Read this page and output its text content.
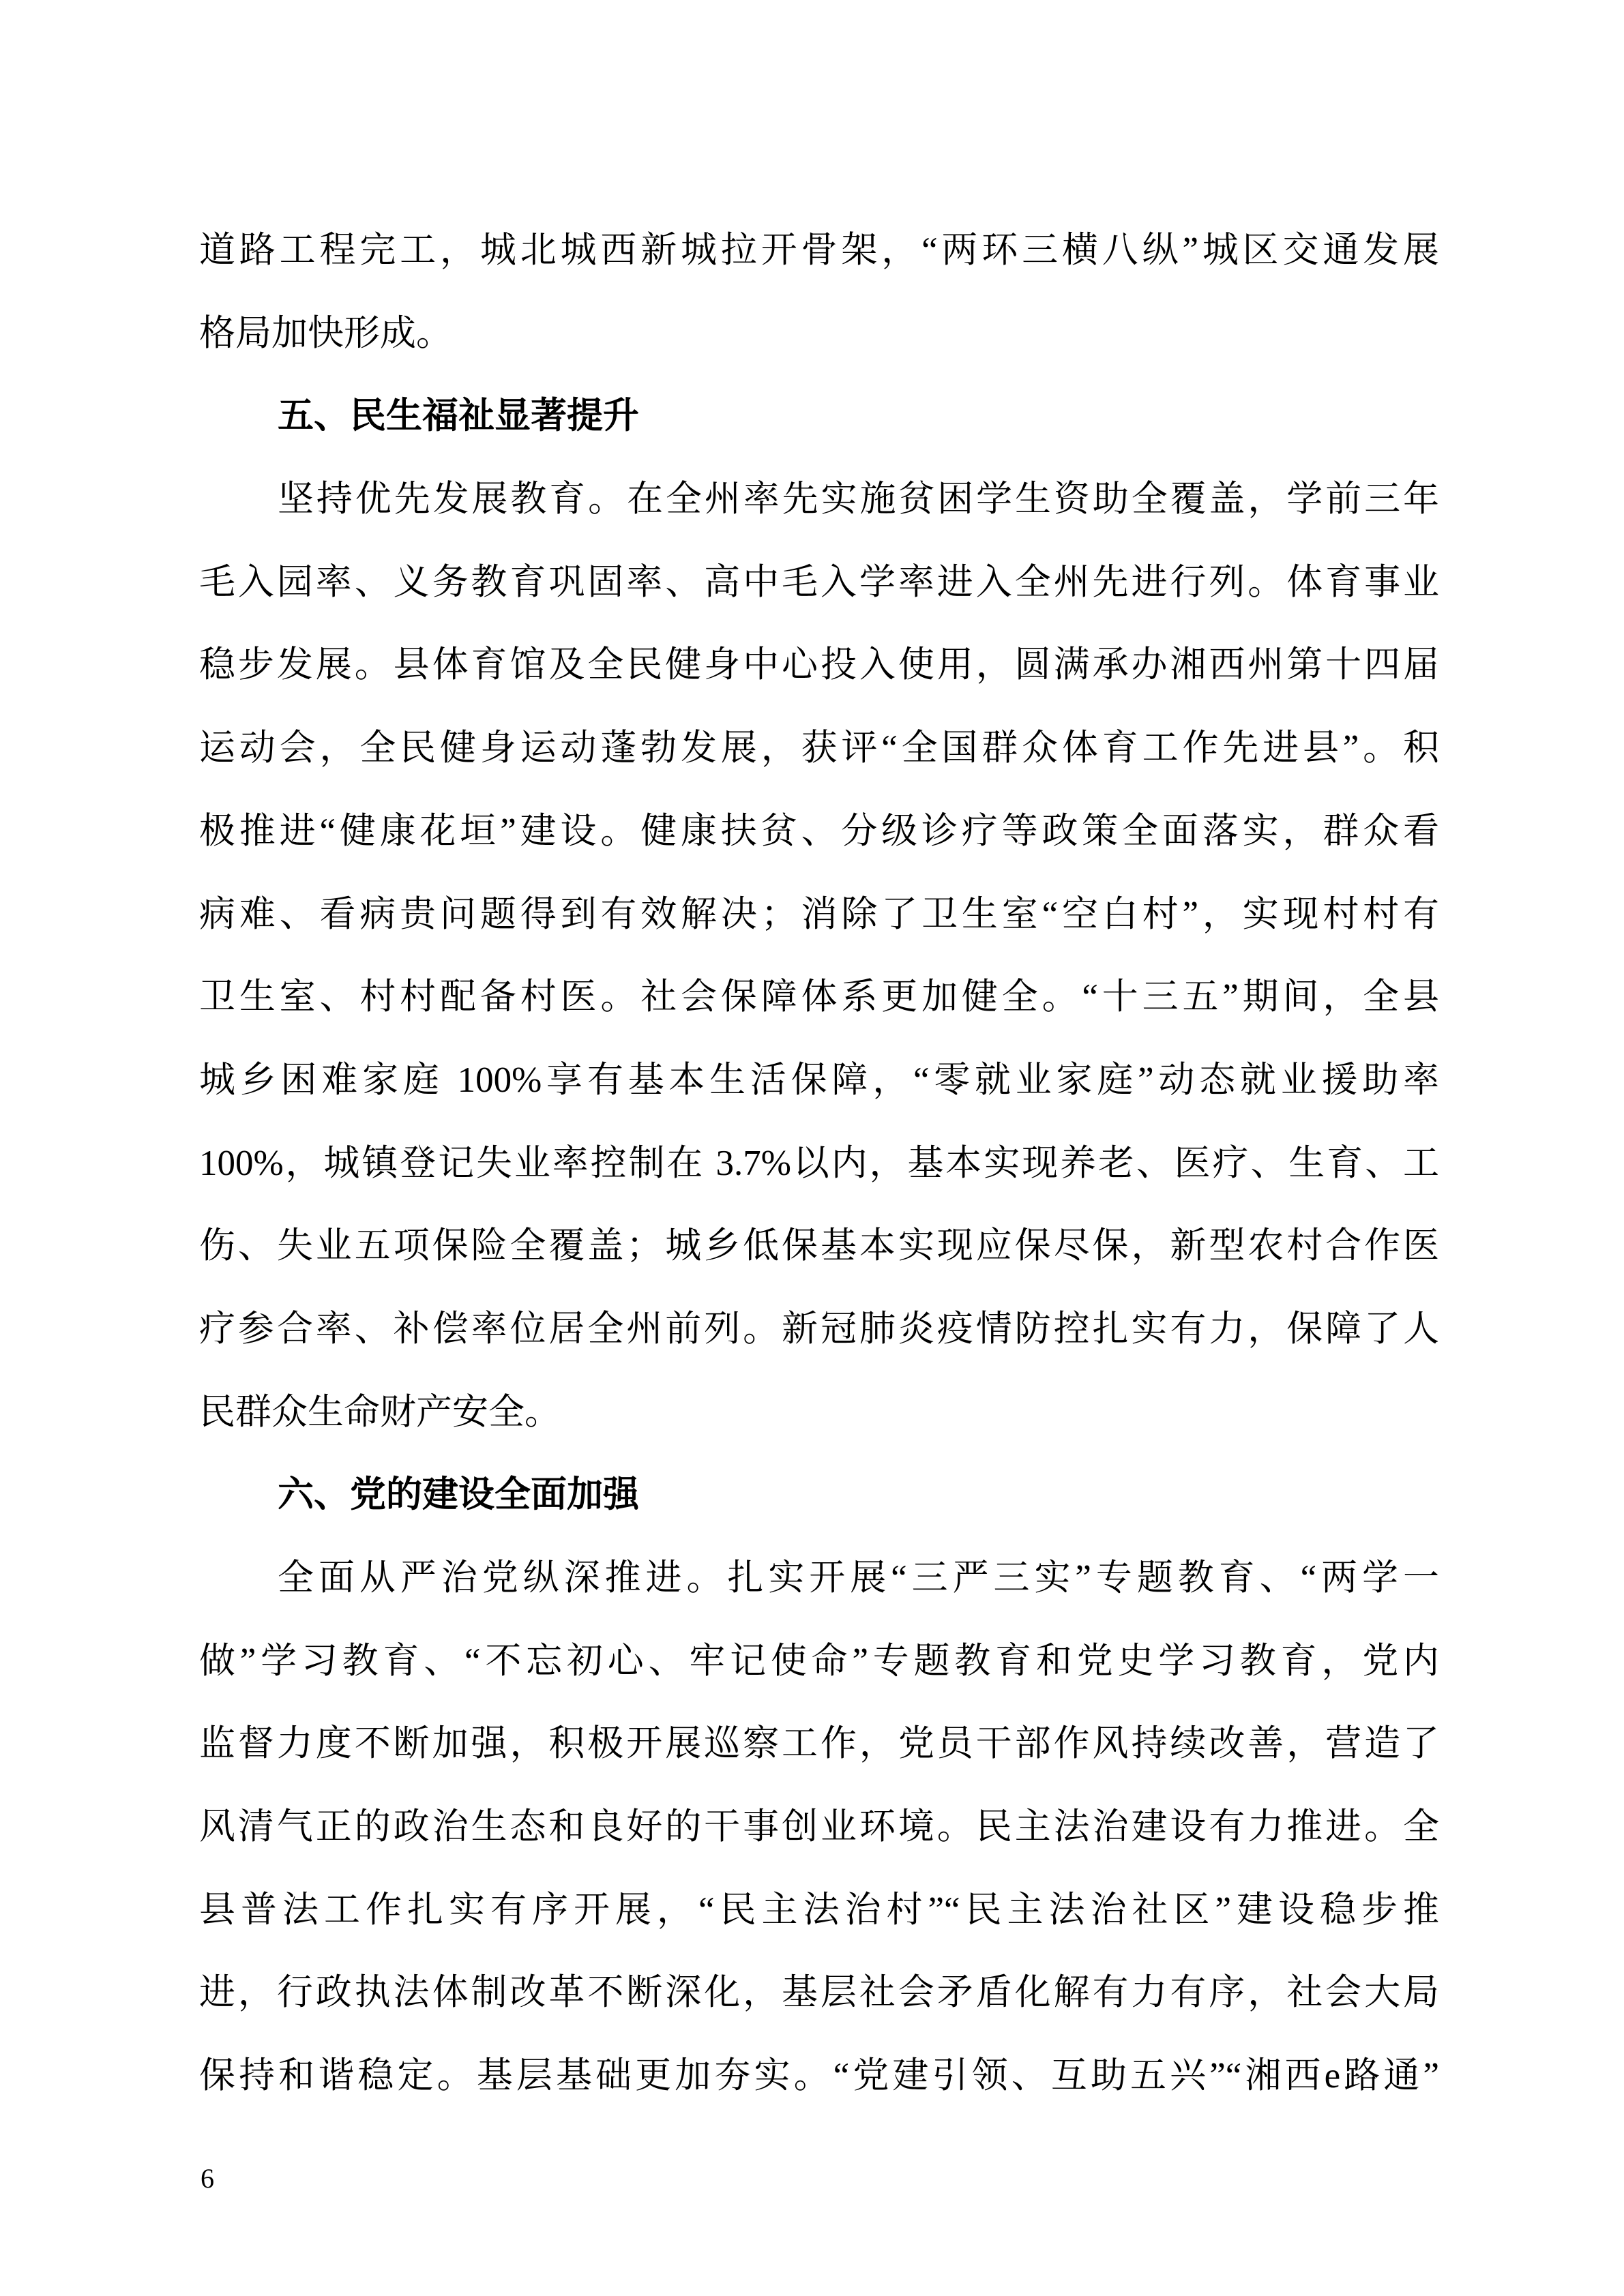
道路工程完工，城北城西新城拉开骨架，“两环三横八纵”城区交通发展
格局加快形成。
五、民生福祉显著提升
坚持优先发展教育。在全州率先实施贫困学生资助全覆盖，学前三年
毛入园率、义务教育巩固率、高中毛入学率进入全州先进行列。体育事业
稳步发展。县体育馆及全民健身中心投入使用，圆满承办湘西州第十四届
运动会，全民健身运动蓬勃发展，获评“全国群众体育工作先进县”。积
极推进“健康花垣”建设。健康扶贫、分级诊疗等政策全面落实，群众看
病难、看病贵问题得到有效解决；消除了卫生室“空白村”，实现村村有
卫生室、村村配备村医。社会保障体系更加健全。“十三五”期间，全县
城乡困难家庭 100%享有基本生活保障，“零就业家庭”动态就业援助率
100%，城镇登记失业率控制在 3.7%以内，基本实现养老、医疗、生育、工
伤、失业五项保险全覆盖；城乡低保基本实现应保尽保，新型农村合作医
疗参合率、补偿率位居全州前列。新冠肺炎疫情防控扎实有力，保障了人
民群众生命财产安全。
六、党的建设全面加强
全面从严治党纵深推进。扎实开展“三严三实”专题教育、“两学一
做”学习教育、“不忘初心、牢记使命”专题教育和党史学习教育，党内
监督力度不断加强，积极开展巡察工作，党员干部作风持续改善，营造了
风清气正的政治生态和良好的干事创业环境。民主法治建设有力推进。全
县普法工作扎实有序开展，“民主法治村”“民主法治社区”建设稳步推
进，行政执法体制改革不断深化，基层社会矛盾化解有力有序，社会大局
保持和谐稳定。基层基础更加夯实。“党建引领、互助五兴”“湘西e路通”
6
